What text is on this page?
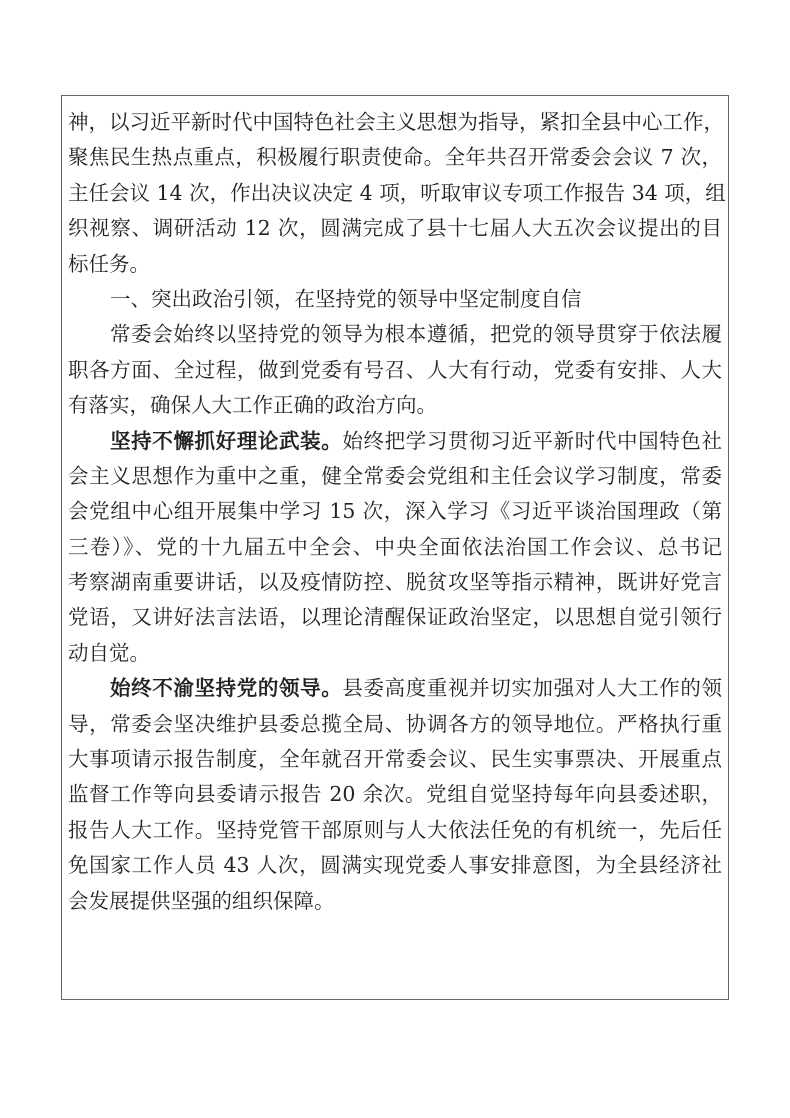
神，以习近平新时代中国特色社会主义思想为指导，紧扣全县中心工作，
聚焦民生热点重点，积极履行职责使命。全年共召开常委会会议 7 次，
主任会议 14 次，作出决议决定 4 项，听取审议专项工作报告 34 项，组
织视察、调研活动 12 次，圆满完成了县十七届人大五次会议提出的目
标任务。
一、突出政治引领，在坚持党的领导中坚定制度自信
常委会始终以坚持党的领导为根本遵循，把党的领导贯穿于依法履
职各方面、全过程，做到党委有号召、人大有行动，党委有安排、人大
有落实，确保人大工作正确的政治方向。
坚持不懈抓好理论武装。始终把学习贯彻习近平新时代中国特色社
会主义思想作为重中之重，健全常委会党组和主任会议学习制度，常委
会党组中心组开展集中学习 15 次，深入学习《习近平谈治国理政（第
三卷）》、党的十九届五中全会、中央全面依法治国工作会议、总书记
考察湖南重要讲话，以及疫情防控、脱贫攻坚等指示精神，既讲好党言
党语，又讲好法言法语，以理论清醒保证政治坚定，以思想自觉引领行
动自觉。
始终不渝坚持党的领导。县委高度重视并切实加强对人大工作的领
导，常委会坚决维护县委总揽全局、协调各方的领导地位。严格执行重
大事项请示报告制度，全年就召开常委会议、民生实事票决、开展重点
监督工作等向县委请示报告 20 余次。党组自觉坚持每年向县委述职，
报告人大工作。坚持党管干部原则与人大依法任免的有机统一，先后任
免国家工作人员 43 人次，圆满实现党委人事安排意图，为全县经济社
会发展提供坚强的组织保障。
